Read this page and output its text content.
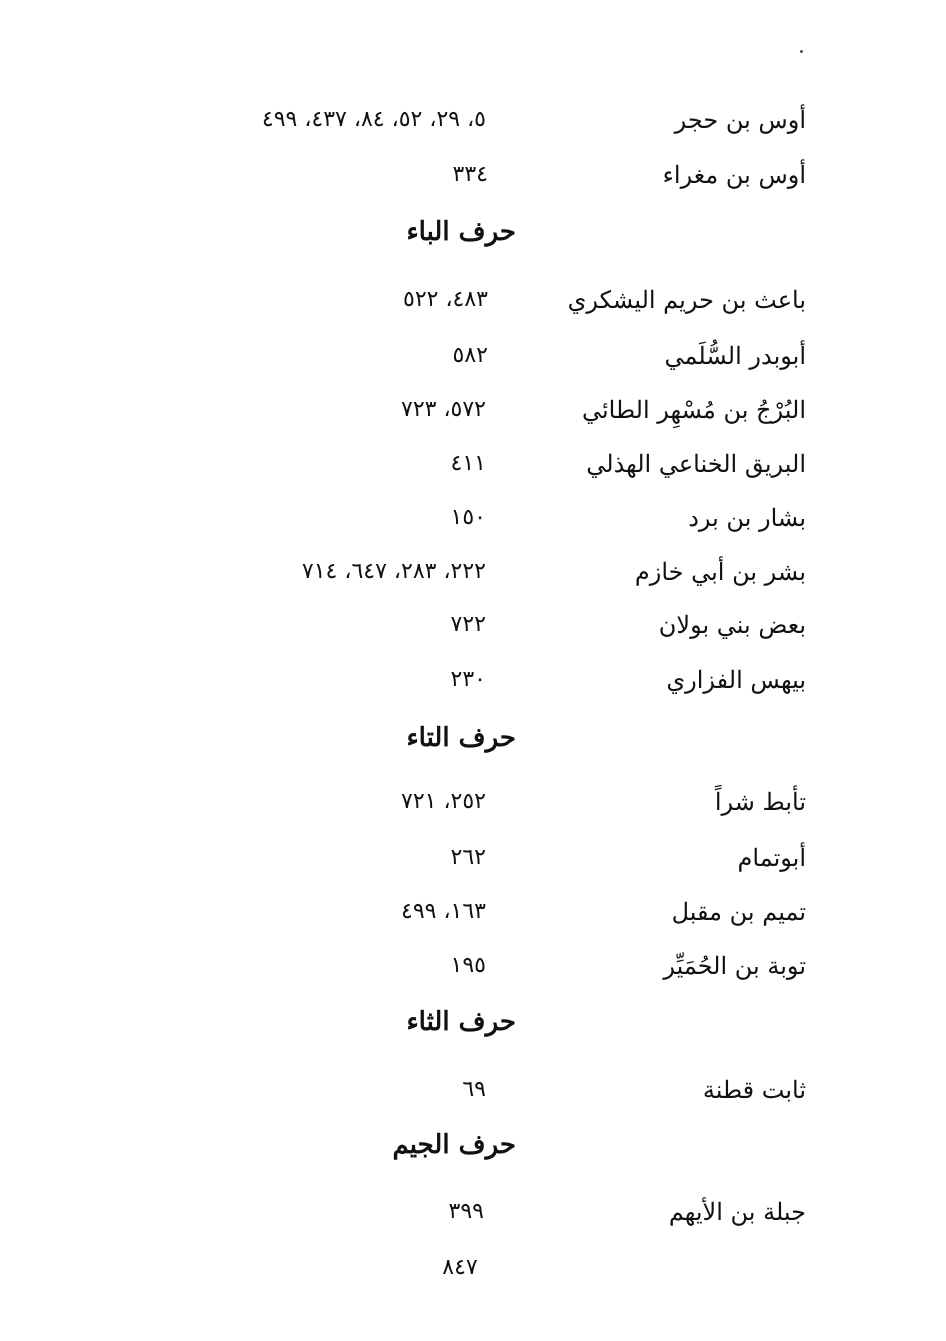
أوس بن حجر
٥، ٢٩، ٥٢، ٨٤، ٤٣٧، ٤٩٩
أوس بن مغراء
٣٣٤
حرف الباء
باعث بن حريم اليشكري
٤٨٣، ٥٢٢
أبوبدر السُّلَمي
٥٨٢
البُرْجُ بن مُسْهِر الطائي
٥٧٢، ٧٢٣
البريق الخناعي الهذلي
٤١١
بشار بن برد
١٥٠
بشر بن أبي خازم
٢٢٢، ٢٨٣، ٦٤٧، ٧١٤
بعض بني بولان
٧٢٢
بيهس الفزاري
٢٣٠
حرف التاء
تأبط شراً
٢٥٢، ٧٢١
أبوتمام
٢٦٢
تميم بن مقبل
١٦٣، ٤٩٩
توبة بن الحُمَيِّر
١٩٥
حرف الثاء
ثابت قطنة
٦٩
حرف الجيم
جبلة بن الأيهم
٣٩٩
٨٤٧
